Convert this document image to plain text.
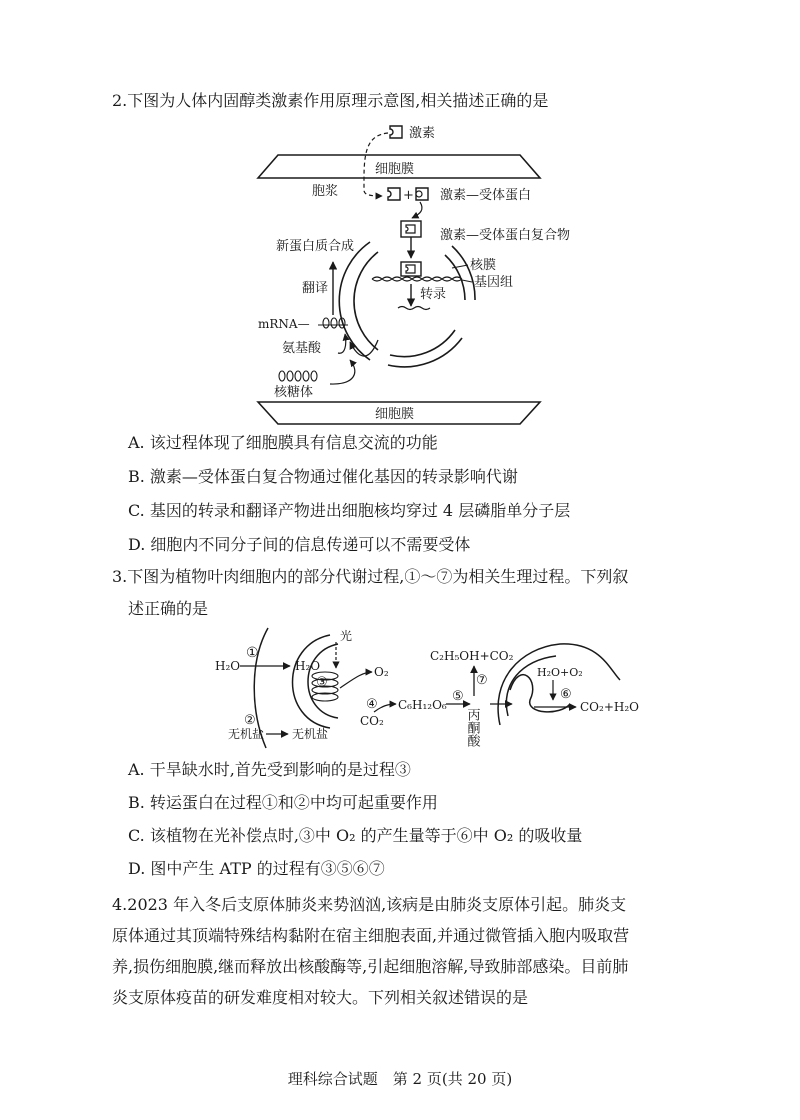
2.下图为人体内固醇类激素作用原理示意图,相关描述正确的是
细胞膜
激素
胞浆	+ 激素—受体蛋白
激素—受体蛋白复合物
核膜
基因组
转录
新蛋白质合成
翻译
mRNA—
氨基酸
核糖体
细胞膜
A. 该过程体现了细胞膜具有信息交流的功能
B. 激素—受体蛋白复合物通过催化基因的转录影响代谢
C. 基因的转录和翻译产物进出细胞核均穿过 4 层磷脂单分子层
D. 细胞内不同分子间的信息传递可以不需要受体
3.下图为植物叶肉细胞内的部分代谢过程,①～⑦为相关生理过程。下列叙
述正确的是
H₂O
①
H₂O
③
光
O₂
④
CO₂
C₆H₁₂O₆
⑤
C₂H₅OH+CO₂
⑦
丙酮酸
H₂O+O₂
⑥
CO₂+H₂O
无机盐
②
无机盐
A. 干旱缺水时,首先受到影响的是过程③
B. 转运蛋白在过程①和②中均可起重要作用
C. 该植物在光补偿点时,③中 O₂ 的产生量等于⑥中 O₂ 的吸收量
D. 图中产生 ATP 的过程有③⑤⑥⑦
4.2023 年入冬后支原体肺炎来势汹汹,该病是由肺炎支原体引起。肺炎支原体通过其顶端特殊结构黏附在宿主细胞表面,并通过微管插入胞内吸取营养,损伤细胞膜,继而释放出核酸酶等,引起细胞溶解,导致肺部感染。目前肺炎支原体疫苗的研发难度相对较大。下列相关叙述错误的是
理科综合试题　第 2 页(共 20 页)
